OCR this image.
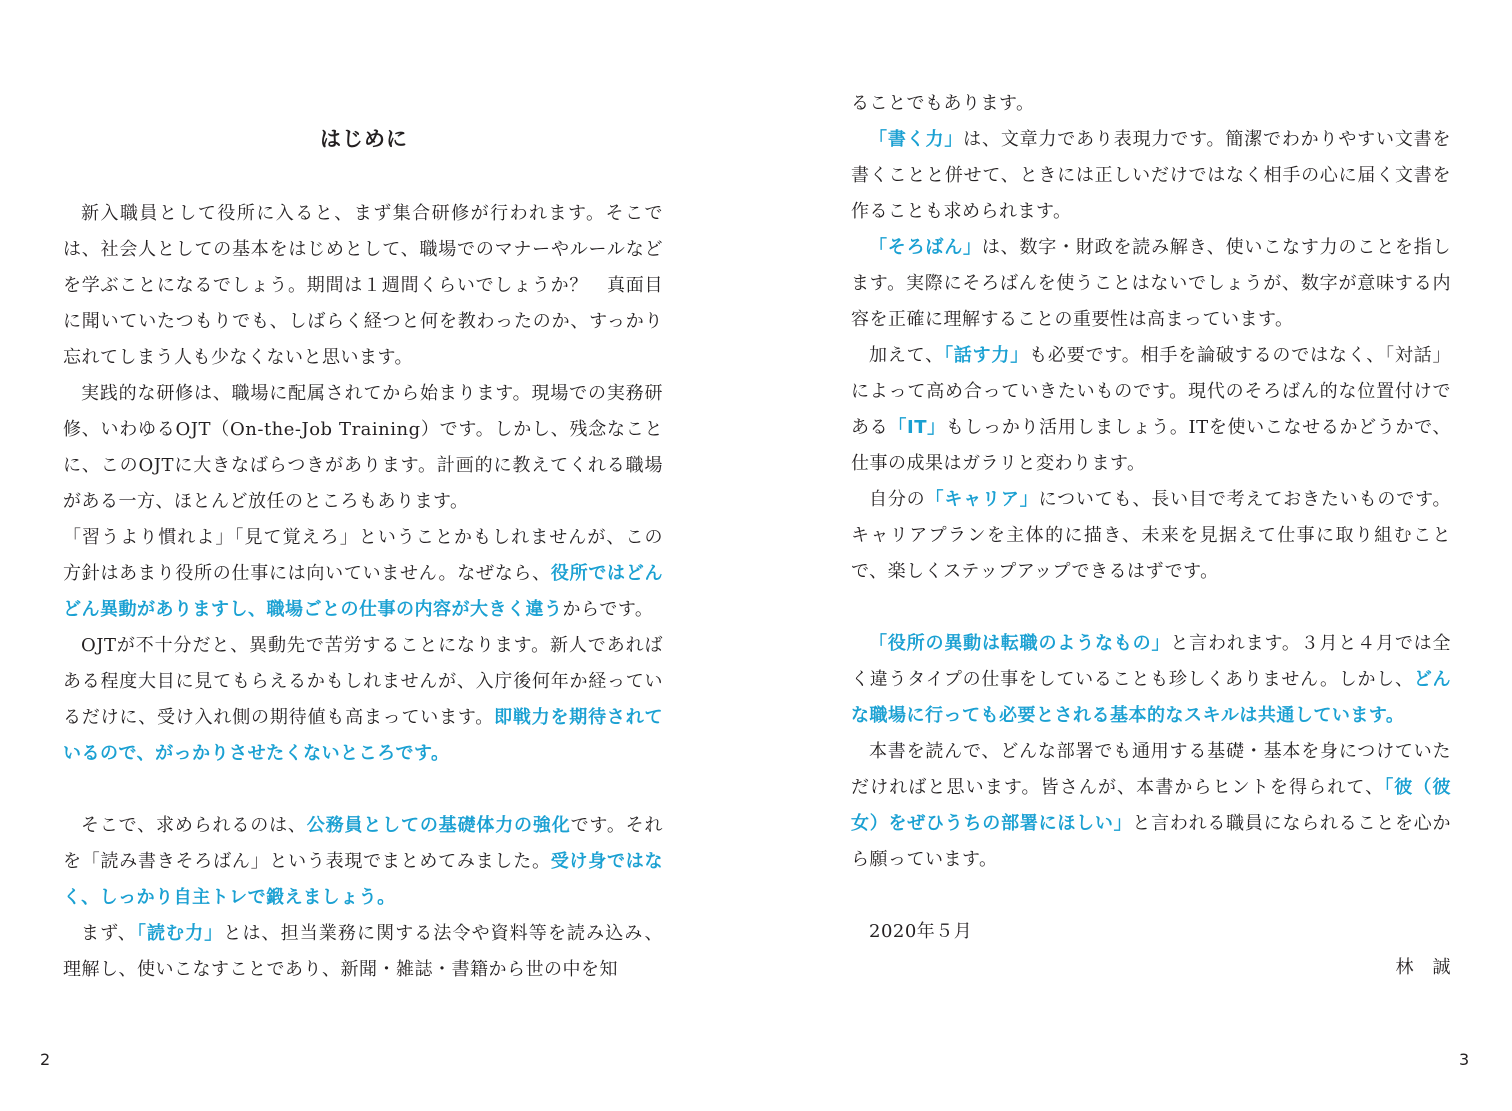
はじめに

新入職員として役所に入ると、まず集合研修が行われます。そこでは、社会人としての基本をはじめとして、職場でのマナーやルールなどを学ぶことになるでしょう。期間は１週間くらいでしょうか？　真面目に聞いていたつもりでも、しばらく経つと何を教わったのか、すっかり忘れてしまう人も少なくないと思います。

実践的な研修は、職場に配属されてから始まります。現場での実務研修、いわゆるOJT（On-the-Job Training）です。しかし、残念なことに、このOJTに大きなばらつきがあります。計画的に教えてくれる職場がある一方、ほとんど放任のところもあります。

「習うより慣れよ」「見て覚えろ」ということかもしれませんが、この方針はあまり役所の仕事には向いていません。なぜなら、役所ではどんどん異動がありますし、職場ごとの仕事の内容が大きく違うからです。

OJTが不十分だと、異動先で苦労することになります。新人であればある程度大目に見てもらえるかもしれませんが、入庁後何年か経っているだけに、受け入れ側の期待値も高まっています。即戦力を期待されているので、がっかりさせたくないところです。

そこで、求められるのは、公務員としての基礎体力の強化です。それを「読み書きそろばん」という表現でまとめてみました。受け身ではなく、しっかり自主トレで鍛えましょう。

まず、「読む力」とは、担当業務に関する法令や資料等を読み込み、理解し、使いこなすことであり、新聞・雑誌・書籍から世の中を知

2

ることでもあります。

「書く力」は、文章力であり表現力です。簡潔でわかりやすい文書を書くことと併せて、ときには正しいだけではなく相手の心に届く文書を作ることも求められます。

「そろばん」は、数字・財政を読み解き、使いこなす力のことを指します。実際にそろばんを使うことはないでしょうが、数字が意味する内容を正確に理解することの重要性は高まっています。

加えて、「話す力」も必要です。相手を論破するのではなく、「対話」によって高め合っていきたいものです。現代のそろばん的な位置付けである「IT」もしっかり活用しましょう。ITを使いこなせるかどうかで、仕事の成果はガラリと変わります。

自分の「キャリア」についても、長い目で考えておきたいものです。キャリアプランを主体的に描き、未来を見据えて仕事に取り組むことで、楽しくステップアップできるはずです。

「役所の異動は転職のようなもの」と言われます。３月と４月では全く違うタイプの仕事をしていることも珍しくありません。しかし、どんな職場に行っても必要とされる基本的なスキルは共通しています。

本書を読んで、どんな部署でも通用する基礎・基本を身につけていただければと思います。皆さんが、本書からヒントを得られて、「彼（彼女）をぜひうちの部署にほしい」と言われる職員になられることを心から願っています。

2020年５月

林　誠

3
